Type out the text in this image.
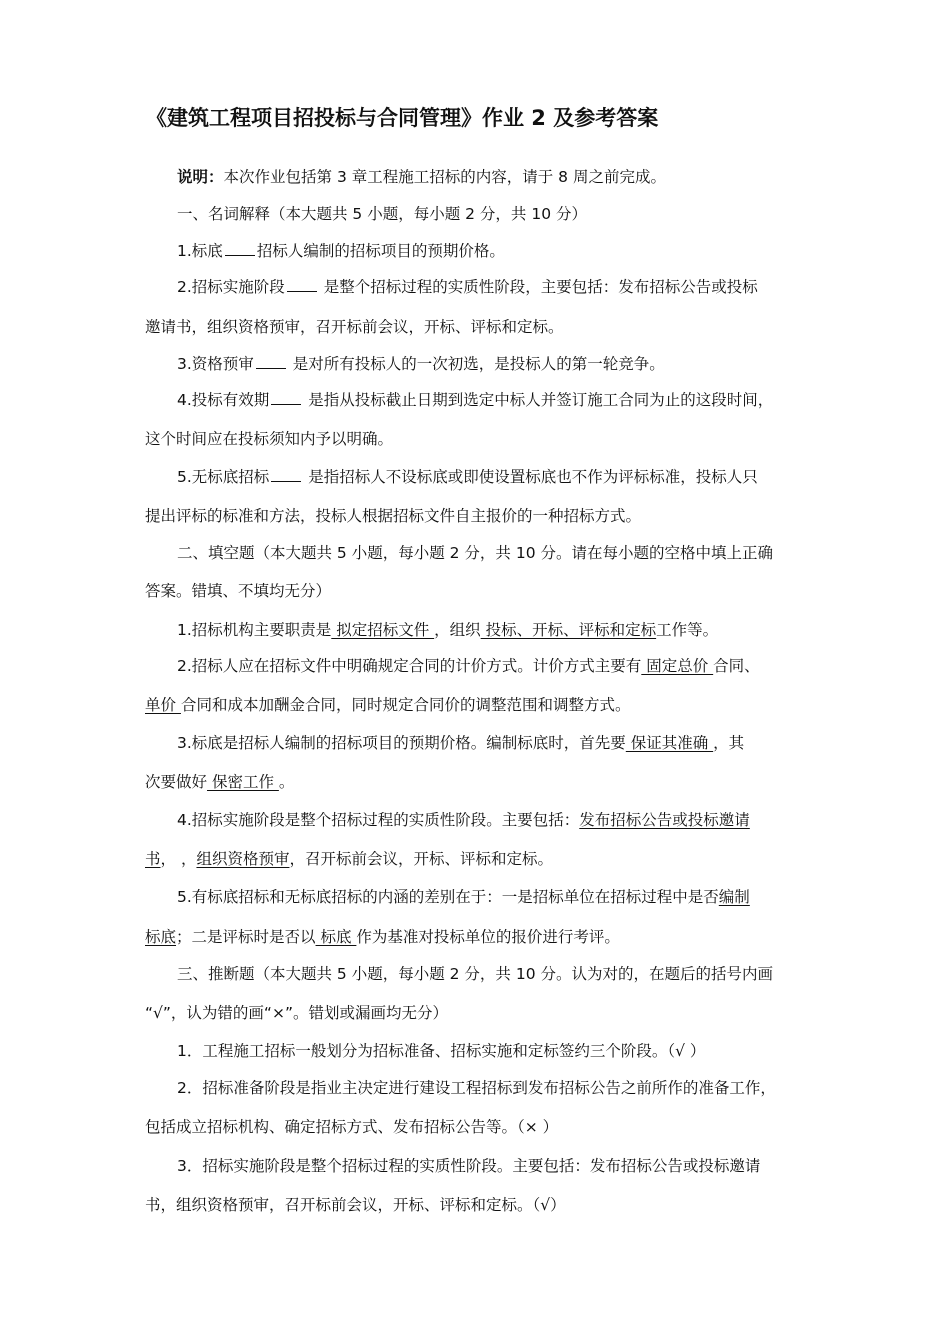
《建筑工程项目招投标与合同管理》作业 2 及参考答案
说明：本次作业包括第 3 章工程施工招标的内容，请于 8 周之前完成。
一、名词解释（本大题共 5 小题，每小题 2 分，共 10 分）
1.标底 招标人编制的招标项目的预期价格。
2.招标实施阶段 是整个招标过程的实质性阶段，主要包括：发布招标公告或投标
邀请书，组织资格预审，召开标前会议，开标、评标和定标。
3.资格预审 是对所有投标人的一次初选，是投标人的第一轮竞争。
4.投标有效期 是指从投标截止日期到选定中标人并签订施工合同为止的这段时间，
这个时间应在投标须知内予以明确。
5.无标底招标 是指招标人不设标底或即使设置标底也不作为评标标准，投标人只
提出评标的标准和方法，投标人根据招标文件自主报价的一种招标方式。
二、填空题（本大题共 5 小题，每小题 2 分，共 10 分。请在每小题的空格中填上正确
答案。错填、不填均无分）
1.招标机构主要职责是 拟定招标文件 ，组织 投标、开标、评标和定标工作等。
2.招标人应在招标文件中明确规定合同的计价方式。计价方式主要有 固定总价 合同、
单价 合同和成本加酬金合同，同时规定合同价的调整范围和调整方式。
3.标底是招标人编制的招标项目的预期价格。编制标底时，首先要 保证其准确 ，其
次要做好 保密工作 。
4.招标实施阶段是整个招标过程的实质性阶段。主要包括：发布招标公告或投标邀请
书， ，组织资格预审，召开标前会议，开标、评标和定标。
5.有标底招标和无标底招标的内涵的差别在于：一是招标单位在招标过程中是否编制
标底；二是评标时是否以 标底 作为基准对投标单位的报价进行考评。
三、推断题（本大题共 5 小题，每小题 2 分，共 10 分。认为对的，在题后的括号内画
“√”，认为错的画“×”。错划或漏画均无分）
1．工程施工招标一般划分为招标准备、招标实施和定标签约三个阶段。（√ ）
2．招标准备阶段是指业主决定进行建设工程招标到发布招标公告之前所作的准备工作，
包括成立招标机构、确定招标方式、发布招标公告等。（× ）
3．招标实施阶段是整个招标过程的实质性阶段。主要包括：发布招标公告或投标邀请
书，组织资格预审，召开标前会议，开标、评标和定标。（√）
